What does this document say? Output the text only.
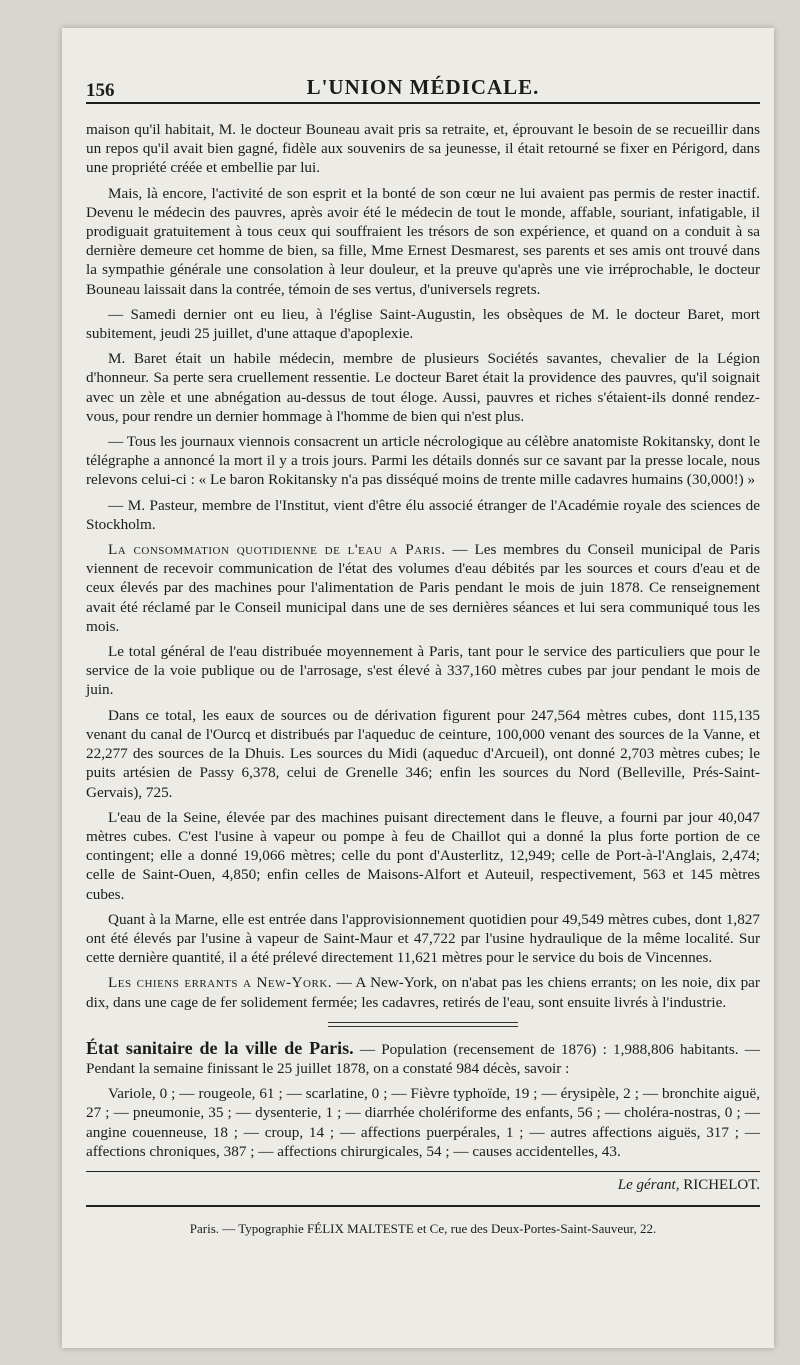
156	L'UNION MÉDICALE.

maison qu'il habitait, M. le docteur Bouneau avait pris sa retraite, et, éprouvant le besoin de se recueillir dans un repos qu'il avait bien gagné, fidèle aux souvenirs de sa jeunesse, il était retourné se fixer en Périgord, dans une propriété créée et embellie par lui.

Mais, là encore, l'activité de son esprit et la bonté de son cœur ne lui avaient pas permis de rester inactif. Devenu le médecin des pauvres, après avoir été le médecin de tout le monde, affable, souriant, infatigable, il prodiguait gratuitement à tous ceux qui souffraient les trésors de son expérience, et quand on a conduit à sa dernière demeure cet homme de bien, sa fille, Mme Ernest Desmarest, ses parents et ses amis ont trouvé dans la sympathie générale une consolation à leur douleur, et la preuve qu'après une vie irréprochable, le docteur Bouneau laissait dans la contrée, témoin de ses vertus, d'universels regrets.

— Samedi dernier ont eu lieu, à l'église Saint-Augustin, les obsèques de M. le docteur Baret, mort subitement, jeudi 25 juillet, d'une attaque d'apoplexie.

M. Baret était un habile médecin, membre de plusieurs Sociétés savantes, chevalier de la Légion d'honneur. Sa perte sera cruellement ressentie. Le docteur Baret était la providence des pauvres, qu'il soignait avec un zèle et une abnégation au-dessus de tout éloge. Aussi, pauvres et riches s'étaient-ils donné rendez-vous, pour rendre un dernier hommage à l'homme de bien qui n'est plus.

— Tous les journaux viennois consacrent un article nécrologique au célèbre anatomiste Rokitansky, dont le télégraphe a annoncé la mort il y a trois jours. Parmi les détails donnés sur ce savant par la presse locale, nous relevons celui-ci : « Le baron Rokitansky n'a pas disséqué moins de trente mille cadavres humains (30,000!) »

— M. Pasteur, membre de l'Institut, vient d'être élu associé étranger de l'Académie royale des sciences de Stockholm.

La consommation quotidienne de l'eau a Paris. — Les membres du Conseil municipal de Paris viennent de recevoir communication de l'état des volumes d'eau débités par les sources et cours d'eau et de ceux élevés par des machines pour l'alimentation de Paris pendant le mois de juin 1878. Ce renseignement avait été réclamé par le Conseil municipal dans une de ses dernières séances et lui sera communiqué tous les mois.

Le total général de l'eau distribuée moyennement à Paris, tant pour le service des particuliers que pour le service de la voie publique ou de l'arrosage, s'est élevé à 337,160 mètres cubes par jour pendant le mois de juin.

Dans ce total, les eaux de sources ou de dérivation figurent pour 247,564 mètres cubes, dont 115,135 venant du canal de l'Ourcq et distribués par l'aqueduc de ceinture, 100,000 venant des sources de la Vanne, et 22,277 des sources de la Dhuis. Les sources du Midi (aqueduc d'Arcueil), ont donné 2,703 mètres cubes; le puits artésien de Passy 6,378, celui de Grenelle 346; enfin les sources du Nord (Belleville, Prés-Saint-Gervais), 725.

L'eau de la Seine, élevée par des machines puisant directement dans le fleuve, a fourni par jour 40,047 mètres cubes. C'est l'usine à vapeur ou pompe à feu de Chaillot qui a donné la plus forte portion de ce contingent; elle a donné 19,066 mètres; celle du pont d'Austerlitz, 12,949; celle de Port-à-l'Anglais, 2,474; celle de Saint-Ouen, 4,850; enfin celles de Maisons-Alfort et Auteuil, respectivement, 563 et 145 mètres cubes.

Quant à la Marne, elle est entrée dans l'approvisionnement quotidien pour 49,549 mètres cubes, dont 1,827 ont été élevés par l'usine à vapeur de Saint-Maur et 47,722 par l'usine hydraulique de la même localité. Sur cette dernière quantité, il a été prélevé directement 11,621 mètres pour le service du bois de Vincennes.

Les chiens errants a New-York. — A New-York, on n'abat pas les chiens errants; on les noie, dix par dix, dans une cage de fer solidement fermée; les cadavres, retirés de l'eau, sont ensuite livrés à l'industrie.

État sanitaire de la ville de Paris. — Population (recensement de 1876) : 1,988,806 habitants. — Pendant la semaine finissant le 25 juillet 1878, on a constaté 984 décès, savoir :

Variole, 0 ; — rougeole, 61 ; — scarlatine, 0 ; — Fièvre typhoïde, 19 ; — érysipèle, 2 ; — bronchite aiguë, 27 ; — pneumonie, 35 ; — dysenterie, 1 ; — diarrhée cholériforme des enfants, 56 ; — choléra-nostras, 0 ; — angine couenneuse, 18 ; — croup, 14 ; — affections puerpérales, 1 ; — autres affections aiguës, 317 ; — affections chroniques, 387 ; — affections chirurgicales, 54 ; — causes accidentelles, 43.

Le gérant, RICHELOT.
Paris. — Typographie FÉLIX MALTESTE et Ce, rue des Deux-Portes-Saint-Sauveur, 22.
